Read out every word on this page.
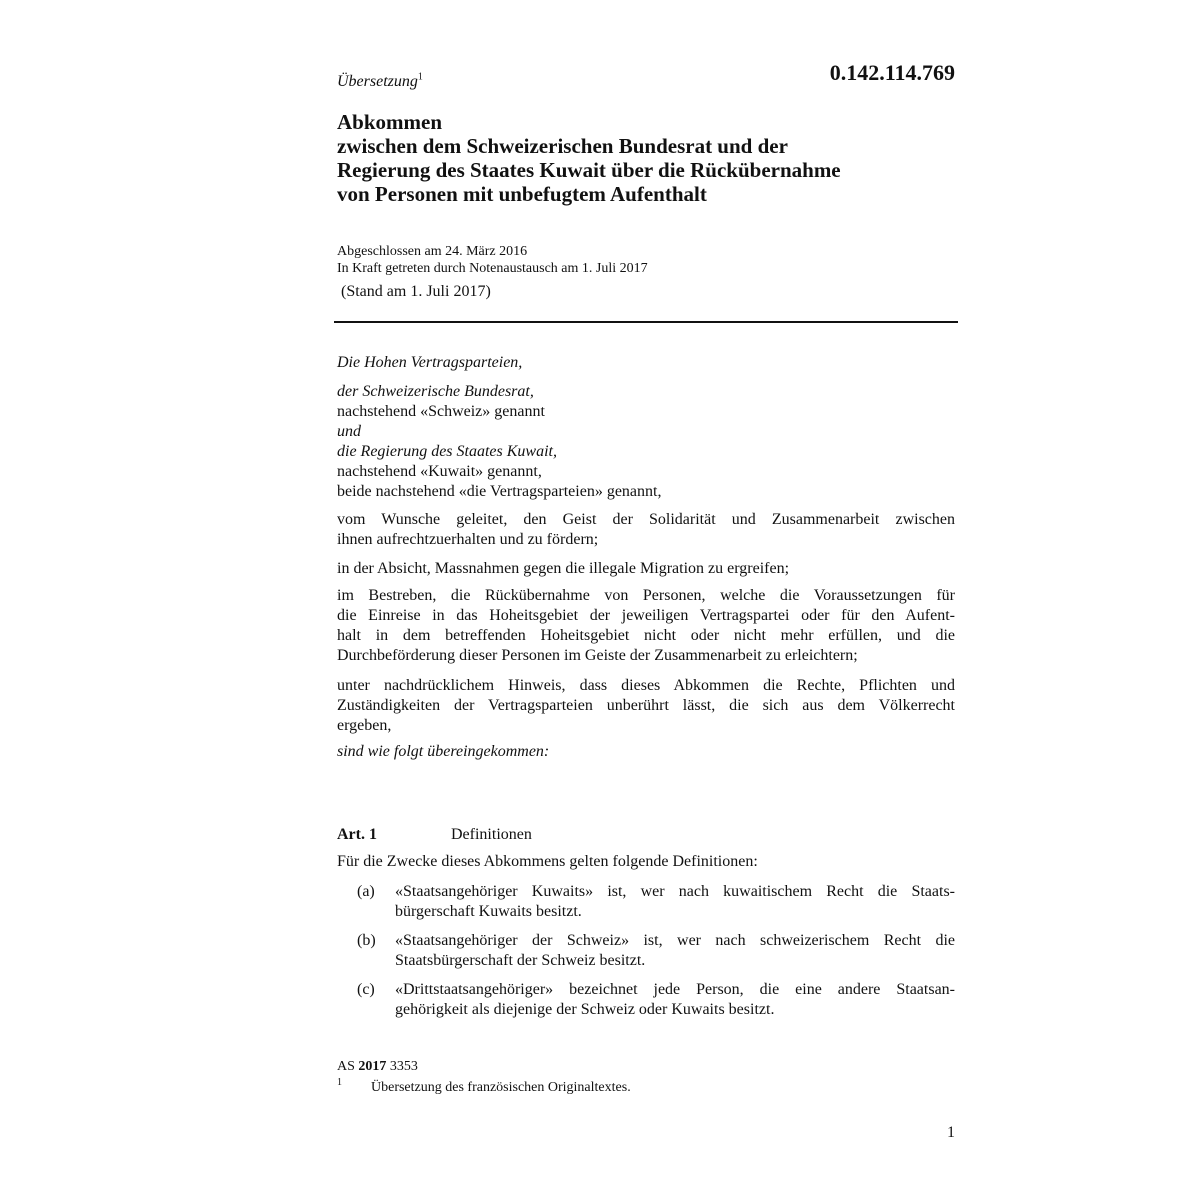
Übersetzung$^1$	0.142.114.769
Abkommen
zwischen dem Schweizerischen Bundesrat und der
Regierung des Staates Kuwait über die Rückübernahme
von Personen mit unbefugtem Aufenthalt
Abgeschlossen am 24. März 2016
In Kraft getreten durch Notenaustausch am 1. Juli 2017
(Stand am 1. Juli 2017)
Die Hohen Vertragsparteien,
der Schweizerische Bundesrat,
nachstehend «Schweiz» genannt
und
die Regierung des Staates Kuwait,
nachstehend «Kuwait» genannt,
beide nachstehend «die Vertragsparteien» genannt,
vom Wunsche geleitet, den Geist der Solidarität und Zusammenarbeit zwischen
ihnen aufrechtzuerhalten und zu fördern;
in der Absicht, Massnahmen gegen die illegale Migration zu ergreifen;
im Bestreben, die Rückübernahme von Personen, welche die Voraussetzungen für
die Einreise in das Hoheitsgebiet der jeweiligen Vertragspartei oder für den Aufent-
halt in dem betreffenden Hoheitsgebiet nicht oder nicht mehr erfüllen, und die
Durchbeförderung dieser Personen im Geiste der Zusammenarbeit zu erleichtern;
unter nachdrücklichem Hinweis, dass dieses Abkommen die Rechte, Pflichten und
Zuständigkeiten der Vertragsparteien unberührt lässt, die sich aus dem Völkerrecht
ergeben,
sind wie folgt übereingekommen:
Art. 1	Definitionen
Für die Zwecke dieses Abkommens gelten folgende Definitionen:
(a) «Staatsangehöriger Kuwaits» ist, wer nach kuwaitischem Recht die Staats-
bürgerschaft Kuwaits besitzt.
(b) «Staatsangehöriger der Schweiz» ist, wer nach schweizerischem Recht die
Staatsbürgerschaft der Schweiz besitzt.
(c) «Drittstaatsangehöriger» bezeichnet jede Person, die eine andere Staatsan-
gehörigkeit als diejenige der Schweiz oder Kuwaits besitzt.
AS 2017 3353
1 Übersetzung des französischen Originaltextes.
1
